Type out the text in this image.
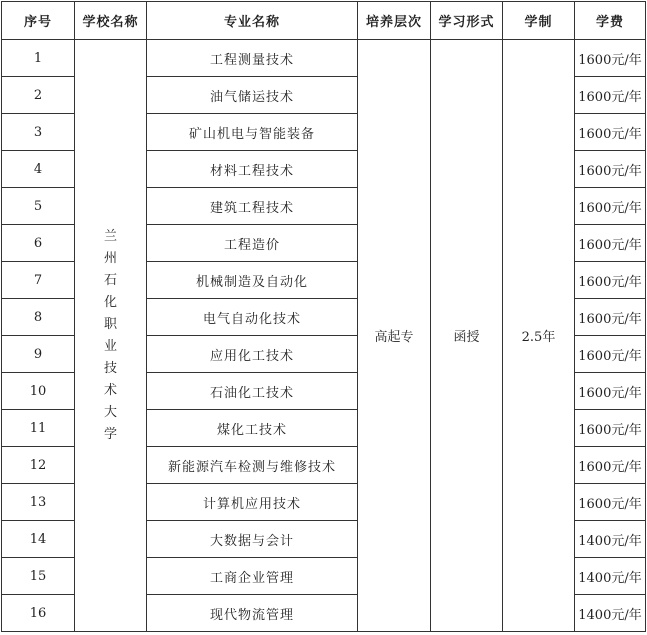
序号	学校名称	专业名称	培养层次	学习形式	学制	学费
1	兰州石化职业技术大学	工程测量技术	高起专	函授	2.5年	1600元/年
2		油气储运技术				1600元/年
3		矿山机电与智能装备				1600元/年
4		材料工程技术				1600元/年
5		建筑工程技术				1600元/年
6		工程造价				1600元/年
7		机械制造及自动化				1600元/年
8		电气自动化技术				1600元/年
9		应用化工技术				1600元/年
10		石油化工技术				1600元/年
11		煤化工技术				1600元/年
12		新能源汽车检测与维修技术				1600元/年
13		计算机应用技术				1600元/年
14		大数据与会计				1400元/年
15		工商企业管理				1400元/年
16		现代物流管理				1400元/年
